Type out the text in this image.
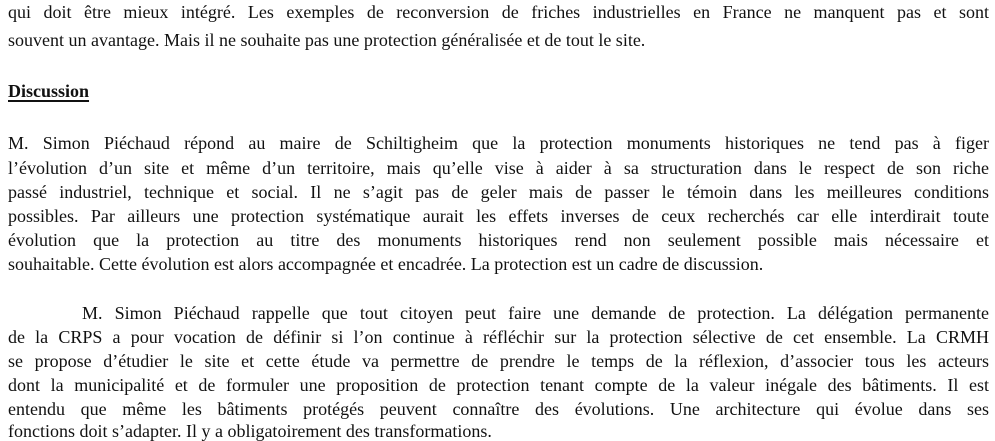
qui doit être mieux intégré. Les exemples de reconversion de friches industrielles en France ne manquent pas et sont
souvent un avantage. Mais il ne souhaite pas une protection généralisée et de tout le site.
Discussion
M. Simon Piéchaud répond au maire de Schiltigheim que la protection monuments historiques ne tend pas à figer
l’évolution d’un site et même d’un territoire, mais qu’elle vise à aider à sa structuration dans le respect de son riche
passé industriel, technique et social. Il ne s’agit pas de geler mais de passer le témoin dans les meilleures conditions
possibles. Par ailleurs une protection systématique aurait les effets inverses de ceux recherchés car elle interdirait toute
évolution que la protection au titre des monuments historiques rend non seulement possible mais nécessaire et
souhaitable. Cette évolution est alors accompagnée et encadrée. La protection est un cadre de discussion.
M. Simon Piéchaud rappelle que tout citoyen peut faire une demande de protection. La délégation permanente
de la CRPS a pour vocation de définir si l’on continue à réfléchir sur la protection sélective de cet ensemble. La CRMH
se propose d’étudier le site et cette étude va permettre de prendre le temps de la réflexion, d’associer tous les acteurs
dont la municipalité et de formuler une proposition de protection tenant compte de la valeur inégale des bâtiments. Il est
entendu que même les bâtiments protégés peuvent connaître des évolutions. Une architecture qui évolue dans ses
fonctions doit s’adapter. Il y a obligatoirement des transformations.
